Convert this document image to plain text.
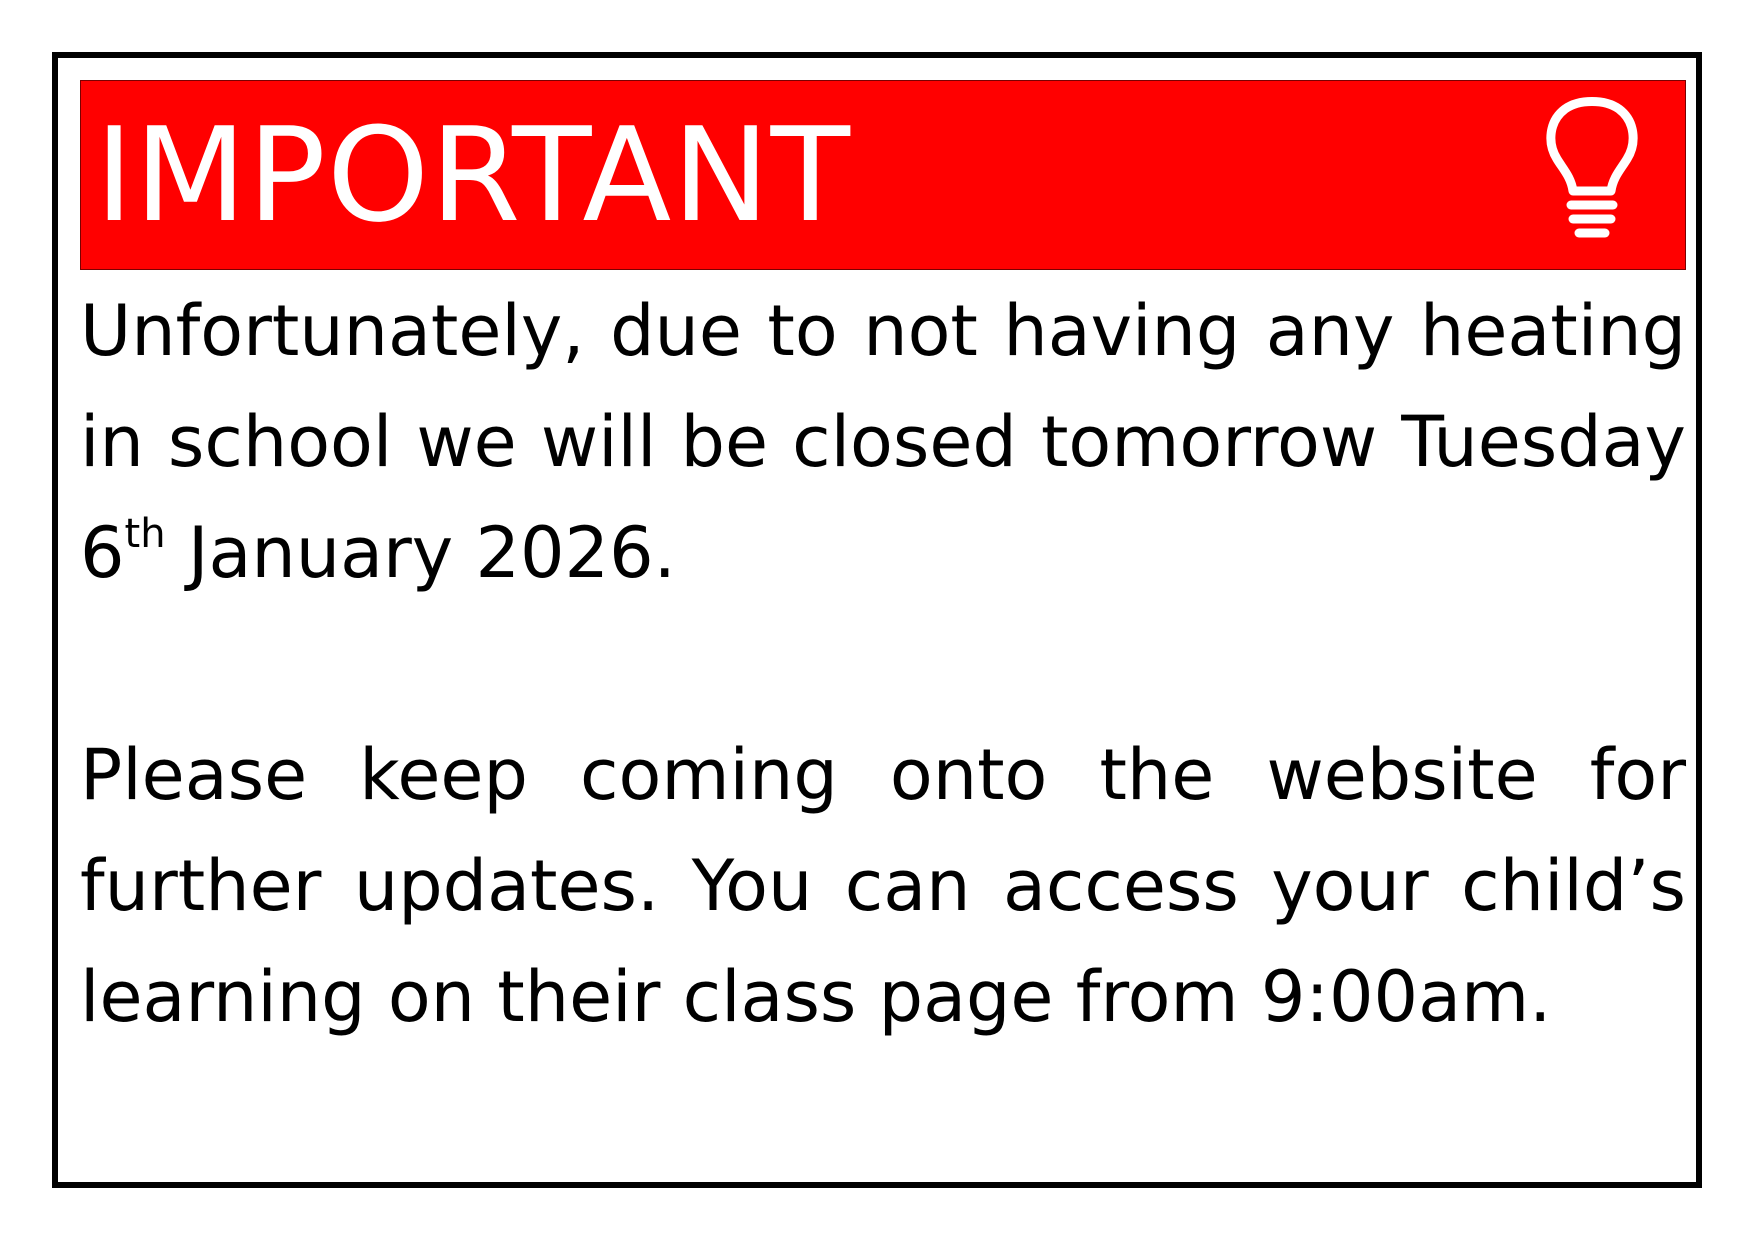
IMPORTANT

Unfortunately, due to not having any heating in school we will be closed tomorrow Tuesday 6th January 2026.

Please keep coming onto the website for further updates. You can access your child’s learning on their class page from 9:00am.
